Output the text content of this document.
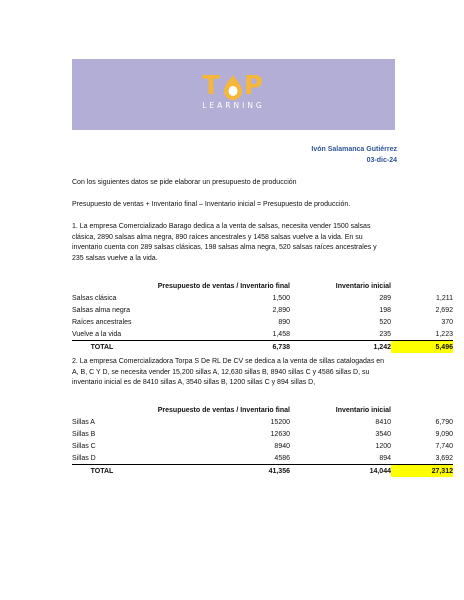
T P
LEARNING
Ivón Salamanca Gutiérrez
03-dic-24
Con los siguientes datos se pide elaborar un presupuesto de producción
Presupuesto de ventas + Inventario final – Inventario inicial = Presupuesto de producción.
1. La empresa Comercializado Barago dedica a la venta de salsas, necesita vender 1500 salsas
clásica, 2890 salsas alma negra, 890 raíces ancestrales y 1458 salsas vuelve a la vida. En su
inventario cuenta con 289 salsas clásicas, 198 salsas alma negra, 520 salsas raíces ancestrales y
235 salsas vuelve a la vida.
	Presupuesto de ventas / Inventario final	Inventario inicial	
Salsas clásica	1,500	289	1,211
Salsas alma negra	2,890	198	2,692
Raíces ancestrales	890	520	370
Vuelve a la vida	1,458	235	1,223
TOTAL	6,738	1,242	5,496
2. La empresa Comercializadora Torpa S De RL De CV se dedica a la venta de sillas catalogadas en
A, B, C Y D, se necesita vender 15,200 sillas A, 12,630 sillas B, 8940 sillas C y 4586 sillas D, su
inventario inicial es de 8410 sillas A, 3540 sillas B, 1200 sillas C y 894 sillas D,
	Presupuesto de ventas / Inventario final	Inventario inicial	
Sillas A	15200	8410	6,790
Sillas B	12630	3540	9,090
Sillas C	8940	1200	7,740
Sillas D	4586	894	3,692
TOTAL	41,356	14,044	27,312
